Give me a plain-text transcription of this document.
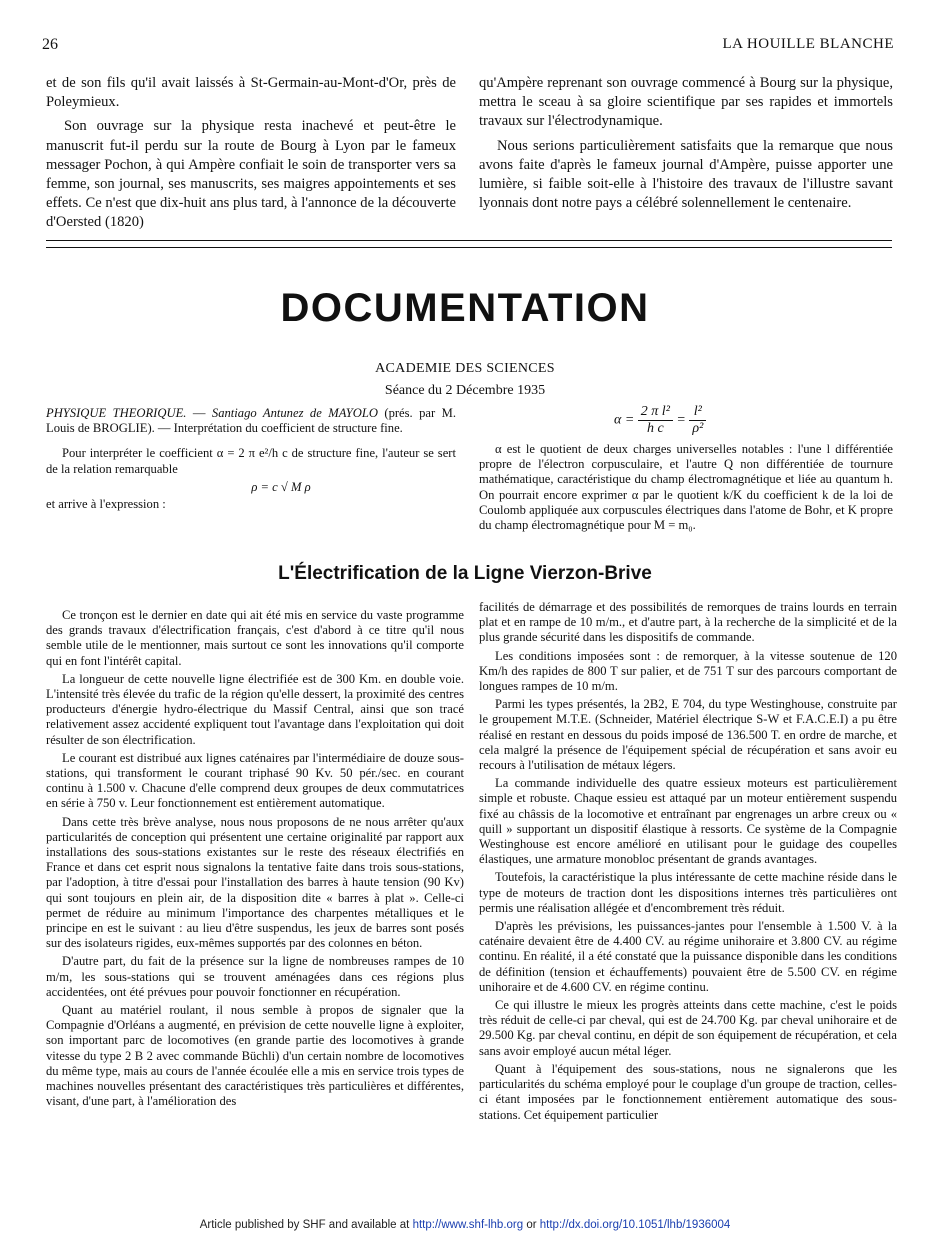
26	LA HOUILLE BLANCHE

et de son fils qu'il avait laissés à St-Germain-au-Mont-d'Or, près de Poleymieux.

Son ouvrage sur la physique resta inachevé et peut-être le manuscrit fut-il perdu sur la route de Bourg à Lyon par le fameux messager Pochon, à qui Ampère confiait le soin de transporter vers sa femme, son journal, ses manuscrits, ses maigres appointements et ses effets. Ce n'est que dix-huit ans plus tard, à l'annonce de la découverte d'Oersted (1820)

qu'Ampère reprenant son ouvrage commencé à Bourg sur la physique, mettra le sceau à sa gloire scientifique par ses rapides et immortels travaux sur l'électrodynamique.

Nous serions particulièrement satisfaits que la remarque que nous avons faite d'après le fameux journal d'Ampère, puisse apporter une lumière, si faible soit-elle à l'histoire des travaux de l'illustre savant lyonnais dont notre pays a célébré solennellement le centenaire.

DOCUMENTATION
ACADEMIE DES SCIENCES
Séance du 2 Décembre 1935

PHYSIQUE THEORIQUE. — Santiago Antunez de MAYOLO (prés. par M. Louis de BROGLIE). — Interprétation du coefficient de structure fine.

Pour interpréter le coefficient α = 2 π e²/h c de structure fine, l'auteur se sert de la relation remarquable

ρ = c √ M ρ

et arrive à l'expression :

$\alpha = \frac{\text{2 π l²}}{\text{h c}} = \frac{\text{l²}}{\text{ρ²}}$

α est le quotient de deux charges universelles notables : l'une l différentiée propre de l'électron corpusculaire, et l'autre Q non différentiée de tournure mathématique, caractéristique du champ électromagnétique et liée au quantum h. On pourrait encore exprimer α par le quotient k/K du coefficient k de la loi de Coulomb appliquée aux corpuscules électriques dans l'atome de Bohr, et K propre du champ électromagnétique pour M = m₀.

L'Électrification de la Ligne Vierzon-Brive

Ce tronçon est le dernier en date qui ait été mis en service du vaste programme des grands travaux d'électrification français, c'est d'abord à ce titre qu'il nous semble utile de le mentionner, mais surtout ce sont les innovations qu'il comporte qui en font l'intérêt capital.

La longueur de cette nouvelle ligne électrifiée est de 300 Km. en double voie. L'intensité très élevée du trafic de la région qu'elle dessert, la proximité des centres producteurs d'énergie hydro-électrique du Massif Central, ainsi que son tracé relativement assez accidenté expliquent tout l'avantage dans l'exploitation qui doit résulter de son électrification.

Le courant est distribué aux lignes caténaires par l'intermédiaire de douze sous-stations, qui transforment le courant triphasé 90 Kv. 50 pér./sec. en courant continu à 1.500 v. Chacune d'elle comprend deux groupes de deux commutatrices en série à 750 v. Leur fonctionnement est entièrement automatique.

Dans cette très brève analyse, nous nous proposons de ne nous arrêter qu'aux particularités de conception qui présentent une certaine originalité par rapport aux installations des sous-stations existantes sur le reste des réseaux électrifiés en France et dans cet esprit nous signalons la tentative faite dans trois sous-stations, par l'adoption, à titre d'essai pour l'installation des barres à haute tension (90 Kv) qui sont toujours en plein air, de la disposition dite « barres à plat ». Celle-ci permet de réduire au minimum l'importance des charpentes métalliques et le principe en est le suivant : au lieu d'être suspendus, les jeux de barres sont posés sur des isolateurs rigides, eux-mêmes supportés par des colonnes en béton.

D'autre part, du fait de la présence sur la ligne de nombreuses rampes de 10 m/m, les sous-stations qui se trouvent aménagées dans ces régions plus accidentées, ont été prévues pour pouvoir fonctionner en récupération.

Quant au matériel roulant, il nous semble à propos de signaler que la Compagnie d'Orléans a augmenté, en prévision de cette nouvelle ligne à exploiter, son important parc de locomotives (en grande partie des locomotives à grande vitesse du type 2 B 2 avec commande Büchli) d'un certain nombre de locomotives du même type, mais au cours de l'année écoulée elle a mis en service trois types de machines nouvelles présentant des caractéristiques très particulières et différentes, visant, d'une part, à l'amélioration des

facilités de démarrage et des possibilités de remorques de trains lourds en terrain plat et en rampe de 10 m/m., et d'autre part, à la recherche de la simplicité et de la plus grande sécurité dans les dispositifs de commande.

Les conditions imposées sont : de remorquer, à la vitesse soutenue de 120 Km/h des rapides de 800 T sur palier, et de 751 T sur des parcours comportant de longues rampes de 10 m/m.

Parmi les types présentés, la 2B2, E 704, du type Westinghouse, construite par le groupement M.T.E. (Schneider, Matériel électrique S-W et F.A.C.E.I) a pu être réalisé en restant en dessous du poids imposé de 136.500 T. en ordre de marche, et cela malgré la présence de l'équipement spécial de récupération et sans avoir eu recours à l'utilisation de métaux légers.

La commande individuelle des quatre essieux moteurs est particulièrement simple et robuste. Chaque essieu est attaqué par un moteur entièrement suspendu fixé au châssis de la locomotive et entraînant par engrenages un arbre creux ou « quill » supportant un dispositif élastique à ressorts. Ce système de la Compagnie Westinghouse est encore amélioré en utilisant pour le guidage des coupelles élastiques, une armature monobloc présentant de grands avantages.

Toutefois, la caractéristique la plus intéressante de cette machine réside dans le type de moteurs de traction dont les dispositions internes très particulières ont permis une réalisation allégée et d'encombrement très réduit.

D'après les prévisions, les puissances-jantes pour l'ensemble à 1.500 V. à la caténaire devaient être de 4.400 CV. au régime unihoraire et 3.800 CV. au régime continu. En réalité, il a été constaté que la puissance disponible dans les conditions de définition (tension et échauffements) pouvaient être de 5.500 CV. en régime unihoraire et de 4.600 CV. en régime continu.

Ce qui illustre le mieux les progrès atteints dans cette machine, c'est le poids très réduit de celle-ci par cheval, qui est de 24.700 Kg. par cheval unihoraire et de 29.500 Kg. par cheval continu, en dépit de son équipement de récupération, et cela sans avoir employé aucun métal léger.

Quant à l'équipement des sous-stations, nous ne signalerons que les particularités du schéma employé pour le couplage d'un groupe de traction, celles-ci étant imposées par le fonctionnement entièrement automatique des sous-stations. Cet équipement particulier

Article published by SHF and available at http://www.shf-lhb.org or http://dx.doi.org/10.1051/lhb/1936004
